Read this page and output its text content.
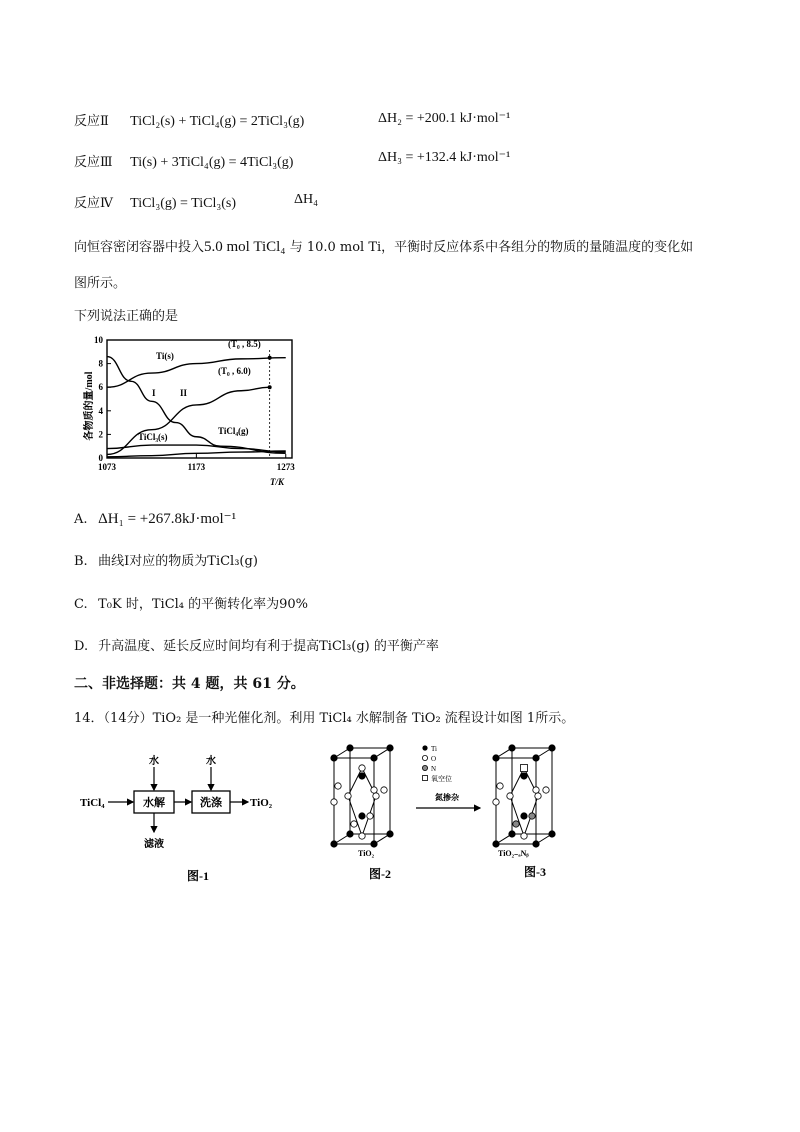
反应Ⅱ TiCl₂(s) + TiCl₄(g) = 2TiCl₃(g)	ΔH₂ = +200.1 kJ·mol⁻¹
反应Ⅲ Ti(s) + 3TiCl₄(g) = 4TiCl₃(g)	ΔH₃ = +132.4 kJ·mol⁻¹
反应Ⅳ TiCl₃(g) = TiCl₃(s)	ΔH₄
向恒容密闭容器中投入5.0 mol TiCl₄ 与 10.0 mol Ti，平衡时反应体系中各组分的物质的量随温度的变化如
图所示。
下列说法正确的是
各物质的量/mol
0
2
4
6
8
10
1073	1173	1273
T/K
Ti(s)
I	II
TiCl₄(g)
TiCl₃(s)
(T₀ , 8.5)
(T₀ , 6.0)
A. ΔH₁ = +267.8kJ·mol⁻¹
B. 曲线Ⅰ对应的物质为TiCl₃(g)
C. T₀K 时，TiCl₄ 的平衡转化率为90%
D. 升高温度、延长反应时间均有利于提高TiCl₃(g) 的平衡产率
二、非选择题：共 4 题，共 61 分。
14．（14分）TiO₂ 是一种光催化剂。利用 TiCl₄ 水解制备 TiO₂ 流程设计如图 1所示。
TiCl₄	水解	洗涤	TiO₂
水	水
滤液
图-1
Ti
O
N
氧空位
氮掺杂
TiO₂	TiO₂₋ₐNᵦ
图-2	图-3
